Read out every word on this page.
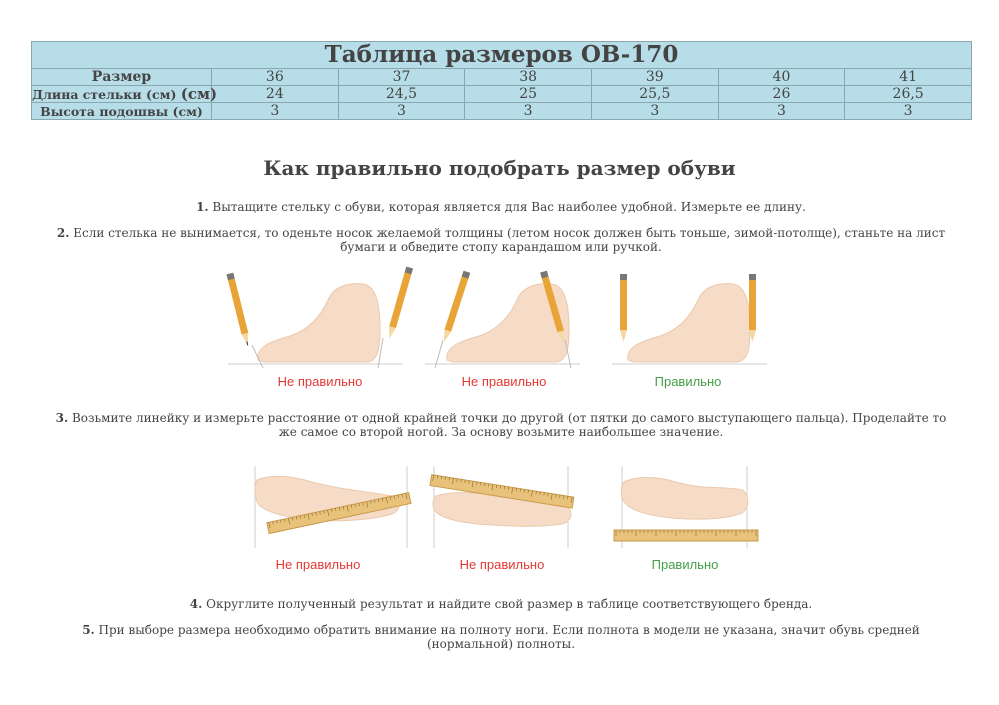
Таблица размеров OB-170						
Размер	36	37	38	39	40	41
Длина стельки (см) (см)	24	24,5	25	25,5	26	26,5
Высота подошвы (см)	3	3	3	3	3	3
Как правильно подобрать размер обуви

1. Вытащите стельку с обуви, которая является для Вас наиболее удобной. Измерьте ее длину.

2. Если стелька не вынимается, то оденьте носок желаемой толщины (летом носок должен быть тоньше, зимой-потолще), станьте на лист бумаги и обведите стопу карандашом или ручкой.

Не правильно	Не правильно	Правильно

3. Возьмите линейку и измерьте расстояние от одной крайней точки до другой (от пятки до самого выступающего пальца). Проделайте то же самое со второй ногой. За основу возьмите наибольшее значение.

Не правильно	Не правильно	Правильно

4. Округлите полученный результат и найдите свой размер в таблице соответствующего бренда.

5. При выборе размера необходимо обратить внимание на полноту ноги. Если полнота в модели не указана, значит обувь средней (нормальной) полноты.
